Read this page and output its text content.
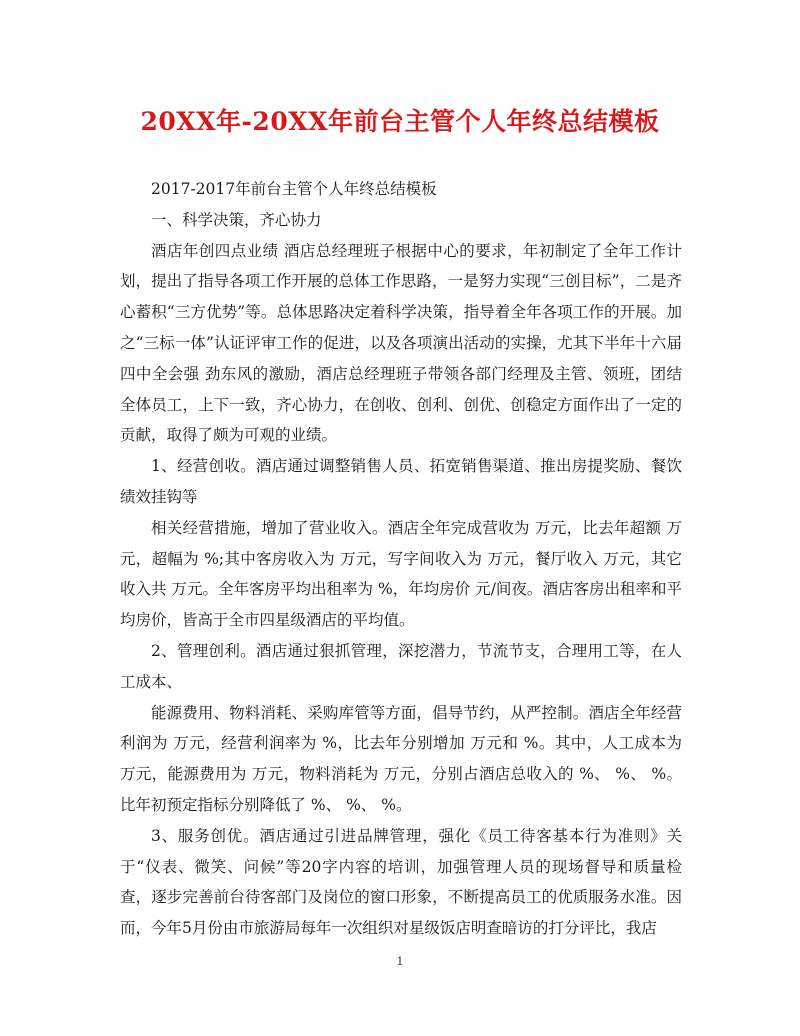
20XX年-20XX年前台主管个人年终总结模板

2017-2017年前台主管个人年终总结模板

一、科学决策，齐心协力

酒店年创四点业绩 酒店总经理班子根据中心的要求，年初制定了全年工作计划，提出了指导各项工作开展的总体工作思路，一是努力实现“三创目标”，二是齐心蓄积“三方优势”等。总体思路决定着科学决策，指导着全年各项工作的开展。加之“三标一体”认证评审工作的促进，以及各项演出活动的实操，尤其下半年十六届四中全会强 劲东风的激励，酒店总经理班子带领各部门经理及主管、领班，团结全体员工，上下一致，齐心协力，在创收、创利、创优、创稳定方面作出了一定的贡献，取得了颇为可观的业绩。

1、经营创收。酒店通过调整销售人员、拓宽销售渠道、推出房提奖励、餐饮绩效挂钩等

相关经营措施，增加了营业收入。酒店全年完成营收为 万元，比去年超额 万元，超幅为 %;其中客房收入为 万元，写字间收入为 万元，餐厅收入 万元，其它收入共 万元。全年客房平均出租率为 %，年均房价 元/间夜。酒店客房出租率和平均房价，皆高于全市四星级酒店的平均值。

2、管理创利。酒店通过狠抓管理，深挖潜力，节流节支，合理用工等，在人工成本、

能源费用、物料消耗、采购库管等方面，倡导节约，从严控制。酒店全年经营利润为 万元，经营利润率为 %，比去年分别增加 万元和 %。其中，人工成本为 万元，能源费用为 万元，物料消耗为 万元，分别占酒店总收入的 %、 %、 %。比年初预定指标分别降低了 %、 %、 %。

3、服务创优。酒店通过引进品牌管理，强化《员工待客基本行为准则》关于“仪表、微笑、问候”等20字内容的培训，加强管理人员的现场督导和质量检查，逐步完善前台待客部门及岗位的窗口形象，不断提高员工的优质服务水准。因而，今年5月份由市旅游局每年一次组织对星级饭店明查暗访的打分评比，我店

1
